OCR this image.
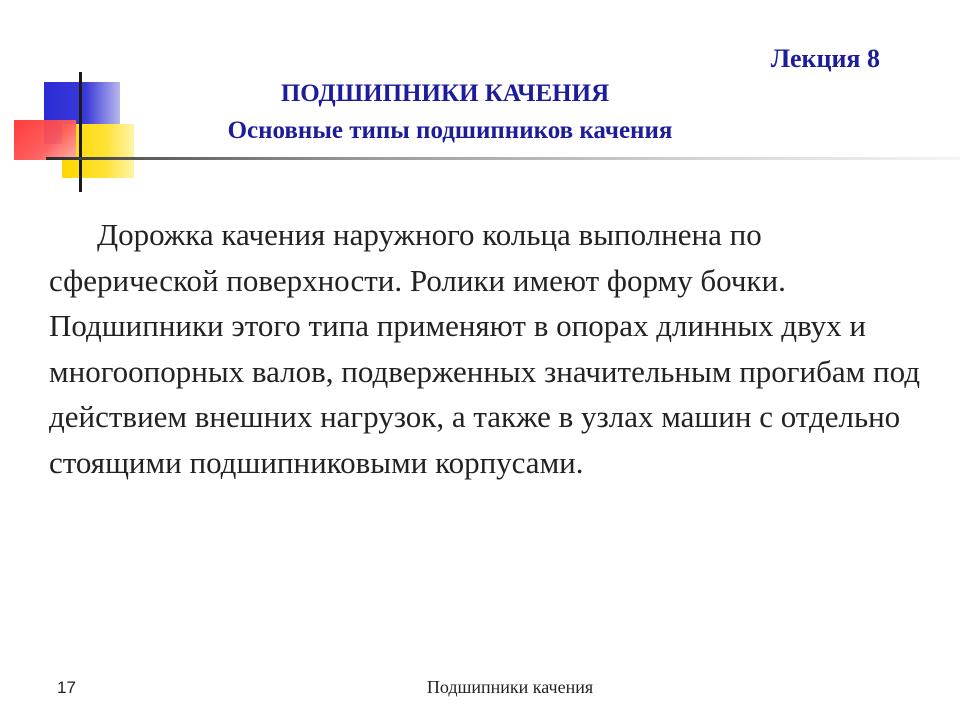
Лекция 8
ПОДШИПНИКИ КАЧЕНИЯ
Основные типы подшипников качения

Дорожка качения наружного кольца выполнена по сферической поверхности. Ролики имеют форму бочки. Подшипники этого типа применяют в опорах длинных двух и многоопорных валов, подверженных значительным прогибам под действием внешних нагрузок, а также в узлах машин с отдельно стоящими подшипниковыми корпусами.

17	Подшипники качения
